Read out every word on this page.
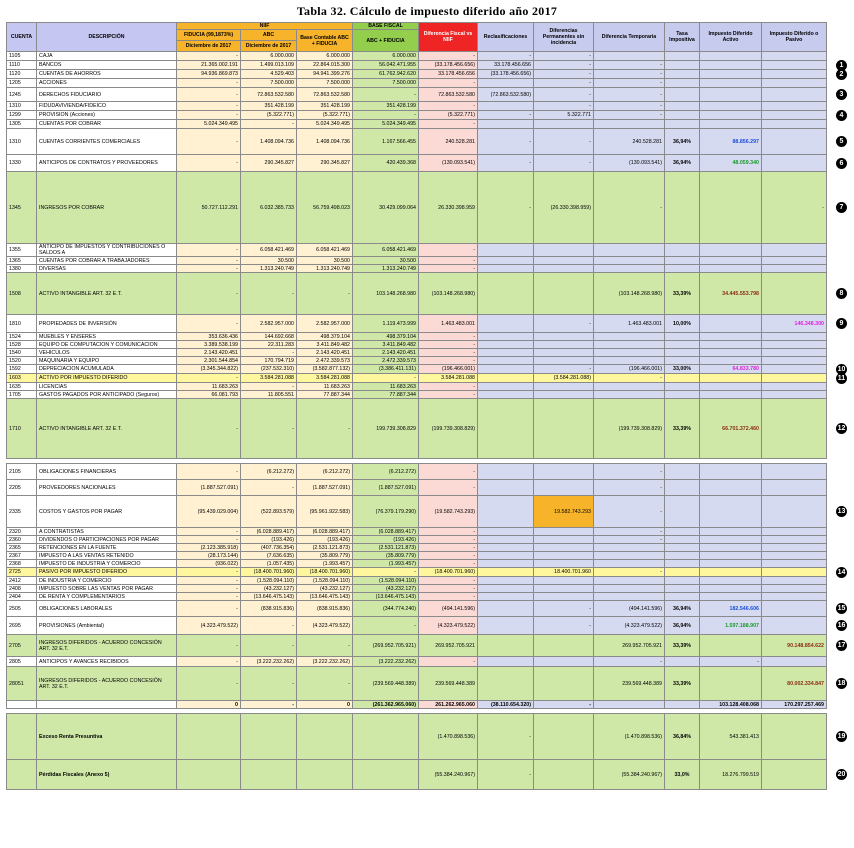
Tabla 32. Cálculo de impuesto diferido año 2017
CUENTA	DESCRIPCIÓN	NIIF			BASE FISCAL	Diferencia Fiscal vs NIIF	Reclasificaciones	Diferencias Permanentes sin incidencia	Diferencia Temporaria	Tasa Impositiva	Impuesto Diferido Activo	Impuesto Diferido o Pasivo
		FIDUCIA (99,1873%)	ABC	Base Contable ABC + FIDUCIA	ABC + FIDUCIA							
		Diciembre de 2017	Diciembre de 2017									
1105	CAJA	-	6.000.000	6.000.000	6.000.000	-	-	-				
1110	BANCOS	21.365.002.191	1.499.013.109	22.864.015.300	56.042.471.955	(33.178.456.656)	33.178.456.656	-	-			
1120	CUENTAS DE AHORROS	94.936.869.873	4.529.403	94.941.399.276	61.762.942.620	33.178.456.656	(33.178.456.656)	-	-			
1205	ACCIONES	-	7.500.000	7.500.000	7.500.000	-		-	-			
1245	DERECHOS FIDUCIARIO	-	72.863.532.580	72.863.532.580	-	72.863.532.580	(72.863.532.580)	-	-			
1310	FIDUDAVIVIENDA/FIDEICO	-	351.428.199	351.428.199	351.428.199	-		-	-			
1299	PROVISION (Acciones)	-	(5.322.771)	(5.322.771)	-	(5.322.771)	-	5.322.771	-			
1305	CUENTAS POR COBRAR	5.024.349.495	-	5.024.349.495	5.024.349.495	-						
1310	CUENTAS CORRIENTES COMERCIALES	-	1.408.094.736	1.408.094.736	1.167.566.455	240.528.281	-	-	240.528.281	36,94%	88.856.297	
1330	ANTICIPOS DE CONTRATOS Y PROVEEDORES	-	290.345.827	290.345.827	420.439.368	(130.093.541)	-	-	(130.093.541)	36,94%	48.059.340	
1345	INGRESOS POR COBRAR	50.727.112.291	6.032.385.733	56.759.498.023	30.429.099.064	26.330.398.959	-	(26.330.398.959)	-			-
1355	ANTICIPO DE IMPUESTOS Y CONTRIBUCIONES O SALDOS A	-	6.058.421.469	6.058.421.469	6.058.421.469	-						
1365	CUENTAS POR COBRAR A TRABAJADORES	-	30.500	30.500	30.500	-						
1380	DIVERSAS	-	1.313.240.749	1.313.240.749	1.313.240.749	-						
1508	ACTIVO INTANGIBLE ART. 32 E.T.	-	-	-	103.148.268.980	(103.148.268.980)			(103.148.268.980)	33,39%	34.445.553.798	
1810	PROPIEDADES DE INVERSIÓN	-	2.582.957.000	2.582.957.000	1.119.473.999	1.463.483.001		-	1.463.483.001	10,00%		146.348.300
1524	MUEBLES Y ENSERES	353.636.436	144.692.668	498.379.104	498.379.104	-						
1528	EQUIPO DE COMPUTACION Y COMUNICACION	3.389.538.199	22.311.283	3.411.849.482	3.411.849.482	-						
1540	VEHICULOS	2.143.420.451	-	2.143.420.451	2.143.420.451	-						
1520	MAQUINARIA Y EQUIPO	2.301.544.854	170.794.719	2.472.339.573	2.472.339.573	-						
1592	DEPRECIACION ACUMULADA	(3.345.344.822)	(237.532.310)	(3.582.877.132)	(3.386.411.131)	(196.466.001)		-	(196.466.001)	33,00%	64.833.780	
1603	ACTIVO POR IMPUESTO DIFERIDO	-	3.584.281.088	3.584.281.088	-	3.584.281.088		(3.584.281.088)	-			
1635	LICENCIAS	11.683.263	-	11.683.263	11.683.263	-						
1705	GASTOS PAGADOS POR ANTICIPADO (Seguros)	66.081.793	11.805.551	77.887.344	77.887.344	-						
1710	ACTIVO INTANGIBLE ART. 32 E.T.	-	-	-	199.739.308.829	(199.739.308.829)			(199.739.308.829)	33,39%	66.701.372.460	

2105	OBLIGACIONES FINANCIERAS	-	(6.212.272)	(6.212.272)	(6.212.272)	-			-			
2205	PROVEEDORES NACIONALES	(1.887.527.091)	-	(1.887.527.091)	(1.887.527.091)	-			-			
2335	COSTOS Y GASTOS POR PAGAR	(95.439.029.004)	(522.893.579)	(95.961.922.583)	(76.379.179.290)	(19.582.743.293)		19.582.743.293	-			
2320	A CONTRATISTAS	-	(6.028.889.417)	(6.028.889.417)	(6.028.889.417)	-			-			
2360	DIVIDENDOS O PARTICIPACIONES POR PAGAR	-	(193.426)	(193.426)	(193.426)	-			-			
2365	RETENCIONES EN LA FUENTE	(2.123.385.918)	(407.736.354)	(2.531.121.873)	(2.531.121.873)	-						
2367	IMPUESTO A LAS VENTAS RETENIDO	(28.173.144)	(7.636.635)	(35.809.779)	(35.809.779)	-						
2368	IMPUESTO DE INDUSTRIA Y COMERCIO	(936.022)	(1.057.435)	(1.993.457)	(1.993.457)	-						
2725	PASIVO POR IMPUESTO DIFERIDO	-	(18.400.701.960)	(18.400.701.960)	-	(18.400.701.960)		18.400.701.960	-			
2412	DE INDUSTRIA Y COMERCIO	-	(1.528.094.110)	(1.528.094.110)	(1.528.094.110)	-						
2408	IMPUESTO SOBRE LAS VENTAS POR PAGAR	-	(43.232.127)	(43.232.127)	(43.232.127)	-						
2404	DE RENTA Y COMPLEMENTARIOS	-	(13.646.475.143)	(13.646.475.143)	(13.646.475.143)	-						
2505	OBLIGACIONES LABORALES	-	(838.915.836)	(838.915.836)	(344.774.240)	(494.141.596)		-	(494.141.596)	36,94%	182.546.606	
2695	PROVISIONES (Ambiental)	(4.323.479.522)	-	(4.323.479.522)	-	(4.323.479.522)		-	(4.323.479.522)	36,94%	1.597.188.907	
2705	INGRESOS DIFERIDOS - ACUERDO CONCESIÓN ART. 32 E.T.	-	-	-	(269.952.705.921)	269.952.705.921			269.952.705.921	33,39%		90.148.854.622
2805	ANTICIPOS Y AVANCES RECIBIDOS	-	(3.222.232.262)	(3.222.232.262)	(3.222.232.262)	-			-		-	
28051	INGRESOS DIFERIDOS - ACUERDO CONCESIÓN ART. 32 E.T.	-	-	-	(239.569.448.389)	239.569.448.389			239.569.448.389	33,39%		80.002.334.847
		0	-	0	(261.362.965.060)	261.262.965.060	(38.110.654.320)	-			103.128.408.068	170.297.257.469

	Exceso Renta Presuntiva					(1.470.898.536)	-		(1.470.898.536)	36,84%	543.381.413	
	Pérdidas Fiscales (Anexo 5)					(55.384.240.967)	-		(55.384.240.967)	33,0%	18.276.799.519	
1
2
3
4
5
6
7
8
9
10
11
12
13
14
15
16
17
18
19
20
